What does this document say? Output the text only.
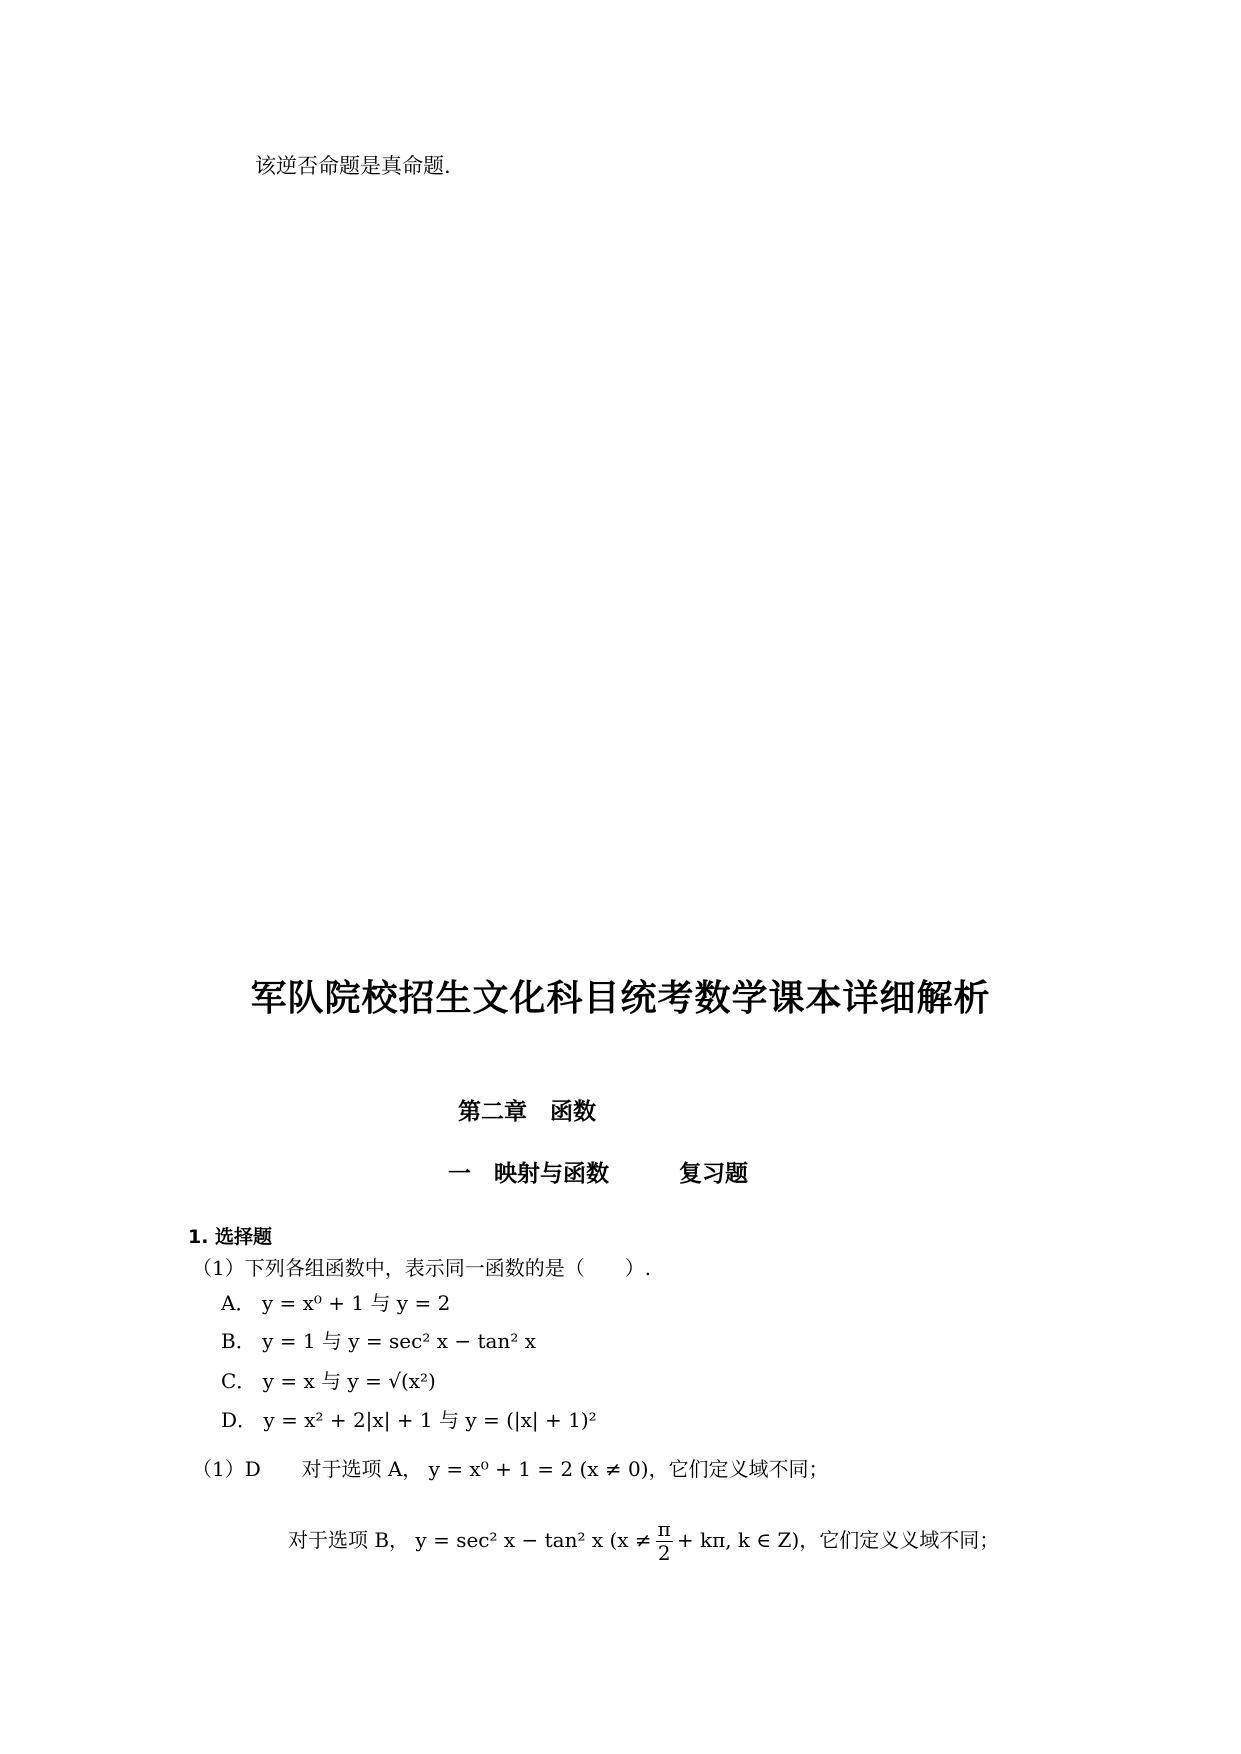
该逆否命题是真命题.
军队院校招生文化科目统考数学课本详细解析
第二章　函数
一　映射与函数	复习题
1. 选择题
（1）下列各组函数中，表示同一函数的是（　　）.
A． y = x⁰ + 1 与 y = 2
B． y = 1 与 y = sec² x − tan² x
C． y = x 与 y = √(x²)
D． y = x² + 2|x| + 1 与 y = (|x| + 1)²
（1）D 对于选项 A， y = x⁰ + 1 = 2 (x ≠ 0)，它们定义域不同；
对于选项 B， y = sec² x − tan² x ($x \ne \frac{\pi}{2} + k\pi$, k ∈ Z)，它们定义义域不同；
